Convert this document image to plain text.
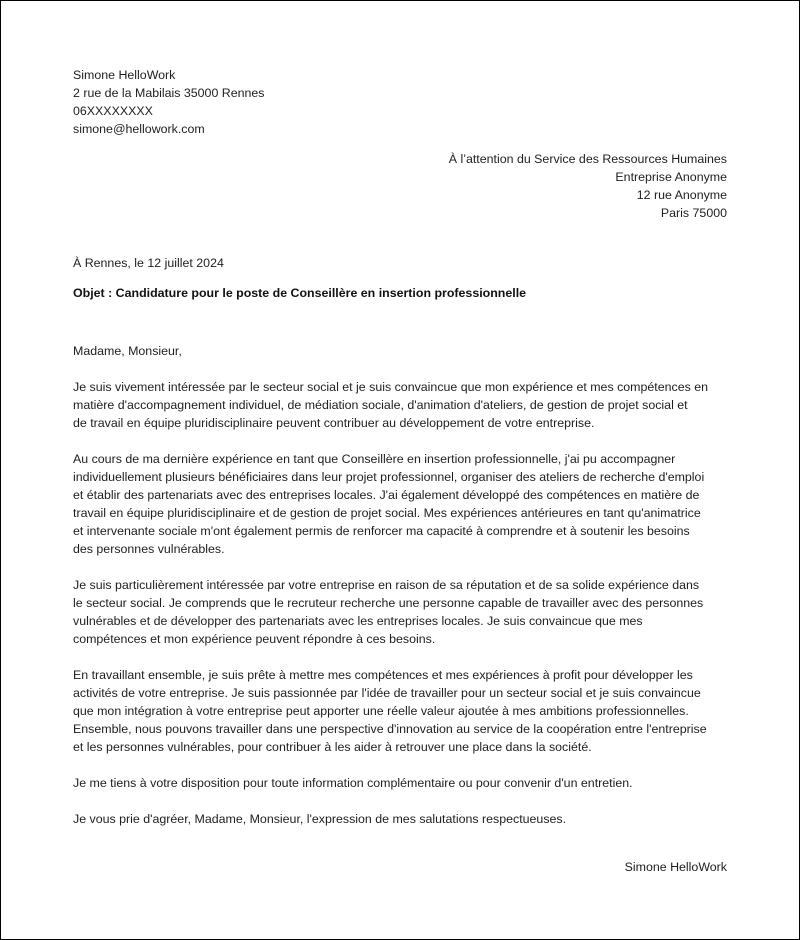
Simone HelloWork
2 rue de la Mabilais 35000 Rennes
06XXXXXXXX
simone@hellowork.com
À l’attention du Service des Ressources Humaines
Entreprise Anonyme
12 rue Anonyme
Paris 75000
À Rennes, le 12 juillet 2024
Objet : Candidature pour le poste de Conseillère en insertion professionnelle
Madame, Monsieur,
Je suis vivement intéressée par le secteur social et je suis convaincue que mon expérience et mes compétences en
matière d'accompagnement individuel, de médiation sociale, d'animation d'ateliers, de gestion de projet social et
de travail en équipe pluridisciplinaire peuvent contribuer au développement de votre entreprise.
Au cours de ma dernière expérience en tant que Conseillère en insertion professionnelle, j'ai pu accompagner
individuellement plusieurs bénéficiaires dans leur projet professionnel, organiser des ateliers de recherche d'emploi
et établir des partenariats avec des entreprises locales. J'ai également développé des compétences en matière de
travail en équipe pluridisciplinaire et de gestion de projet social. Mes expériences antérieures en tant qu'animatrice
et intervenante sociale m'ont également permis de renforcer ma capacité à comprendre et à soutenir les besoins
des personnes vulnérables.
Je suis particulièrement intéressée par votre entreprise en raison de sa réputation et de sa solide expérience dans
le secteur social. Je comprends que le recruteur recherche une personne capable de travailler avec des personnes
vulnérables et de développer des partenariats avec les entreprises locales. Je suis convaincue que mes
compétences et mon expérience peuvent répondre à ces besoins.
En travaillant ensemble, je suis prête à mettre mes compétences et mes expériences à profit pour développer les
activités de votre entreprise. Je suis passionnée par l'idée de travailler pour un secteur social et je suis convaincue
que mon intégration à votre entreprise peut apporter une réelle valeur ajoutée à mes ambitions professionnelles.
Ensemble, nous pouvons travailler dans une perspective d'innovation au service de la coopération entre l'entreprise
et les personnes vulnérables, pour contribuer à les aider à retrouver une place dans la société.
Je me tiens à votre disposition pour toute information complémentaire ou pour convenir d'un entretien.
Je vous prie d'agréer, Madame, Monsieur, l'expression de mes salutations respectueuses.
Simone HelloWork
